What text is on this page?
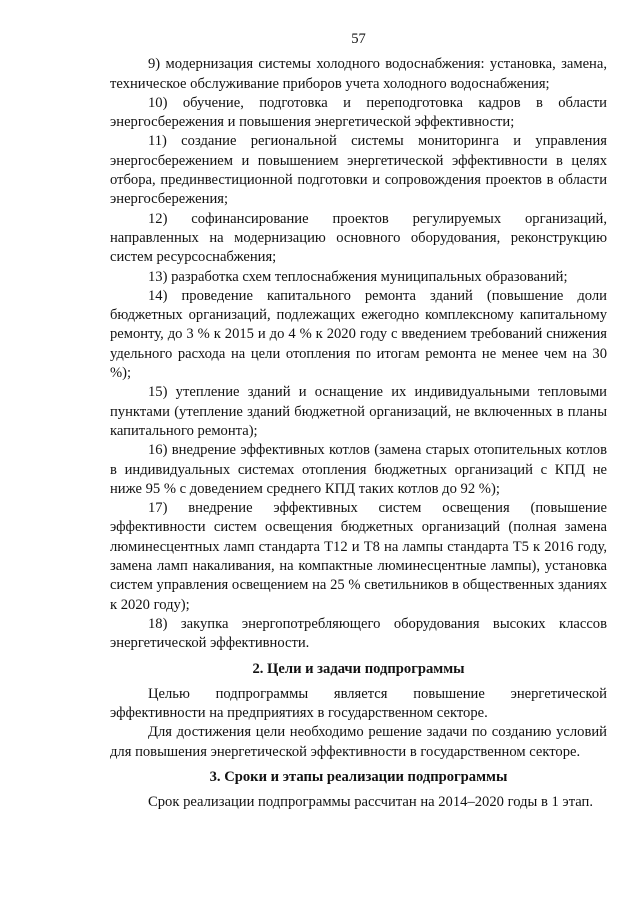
57

9) модернизация системы холодного водоснабжения: установка, замена, техническое обслуживание приборов учета холодного водоснабжения;

10) обучение, подготовка и переподготовка кадров в области энергосбережения и повышения энергетической эффективности;

11) создание региональной системы мониторинга и управления энергосбережением и повышением энергетической эффективности в целях отбора, прединвестиционной подготовки и сопровождения проектов в области энергосбережения;

12) софинансирование проектов регулируемых организаций, направленных на модернизацию основного оборудования, реконструкцию систем ресурсоснабжения;

13) разработка схем теплоснабжения муниципальных образований;

14) проведение капитального ремонта зданий (повышение доли бюджетных организаций, подлежащих ежегодно комплексному капитальному ремонту, до 3 % к 2015 и до 4 % к 2020 году с введением требований снижения удельного расхода на цели отопления по итогам ремонта не менее чем на 30 %);

15) утепление зданий и оснащение их индивидуальными тепловыми пунктами (утепление зданий бюджетной организаций, не включенных в планы капитального ремонта);

16) внедрение эффективных котлов (замена старых отопительных котлов в индивидуальных системах отопления бюджетных организаций с КПД не ниже 95 % с доведением среднего КПД таких котлов до 92 %);

17) внедрение эффективных систем освещения (повышение эффективности систем освещения бюджетных организаций (полная замена люминесцентных ламп стандарта Т12 и Т8 на лампы стандарта Т5 к 2016 году, замена ламп накаливания, на компактные люминесцентные лампы), установка систем управления освещением на 25 % светильников в общественных зданиях к 2020 году);

18) закупка энергопотребляющего оборудования высоких классов энергетической эффективности.

2. Цели и задачи подпрограммы

Целью подпрограммы является повышение энергетической эффективности на предприятиях в государственном секторе.

Для достижения цели необходимо решение задачи по созданию условий для повышения энергетической эффективности в государственном секторе.

3. Сроки и этапы реализации подпрограммы

Срок реализации подпрограммы рассчитан на 2014–2020 годы в 1 этап.
